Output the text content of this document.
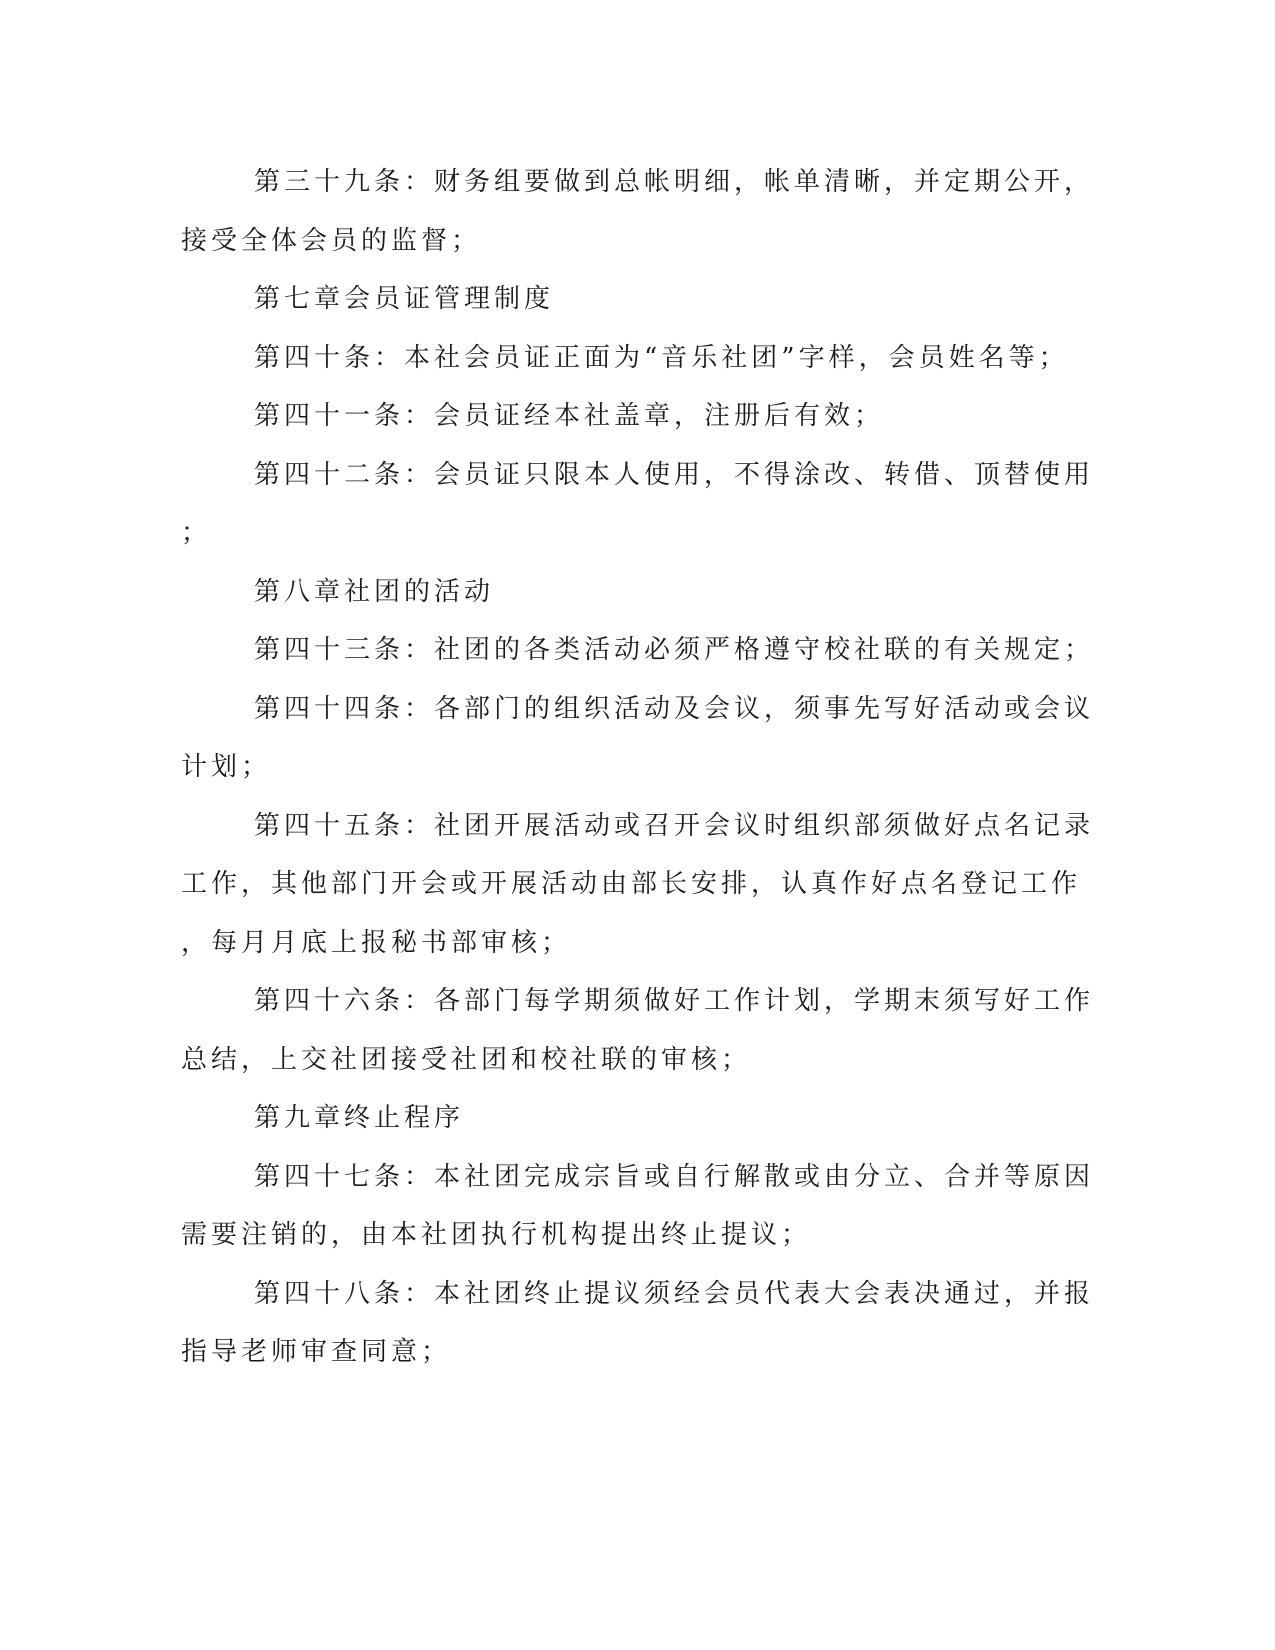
第三十九条：财务组要做到总帐明细，帐单清晰，并定期公开，
接受全体会员的监督；
第七章会员证管理制度
第四十条：本社会员证正面为“音乐社团”字样，会员姓名等；
第四十一条：会员证经本社盖章，注册后有效；
第四十二条：会员证只限本人使用，不得涂改、转借、顶替使用
；
第八章社团的活动
第四十三条：社团的各类活动必须严格遵守校社联的有关规定；
第四十四条：各部门的组织活动及会议，须事先写好活动或会议
计划；
第四十五条：社团开展活动或召开会议时组织部须做好点名记录
工作，其他部门开会或开展活动由部长安排，认真作好点名登记工作
，每月月底上报秘书部审核；
第四十六条：各部门每学期须做好工作计划，学期末须写好工作
总结，上交社团接受社团和校社联的审核；
第九章终止程序
第四十七条：本社团完成宗旨或自行解散或由分立、合并等原因
需要注销的，由本社团执行机构提出终止提议；
第四十八条：本社团终止提议须经会员代表大会表决通过，并报
指导老师审查同意；
